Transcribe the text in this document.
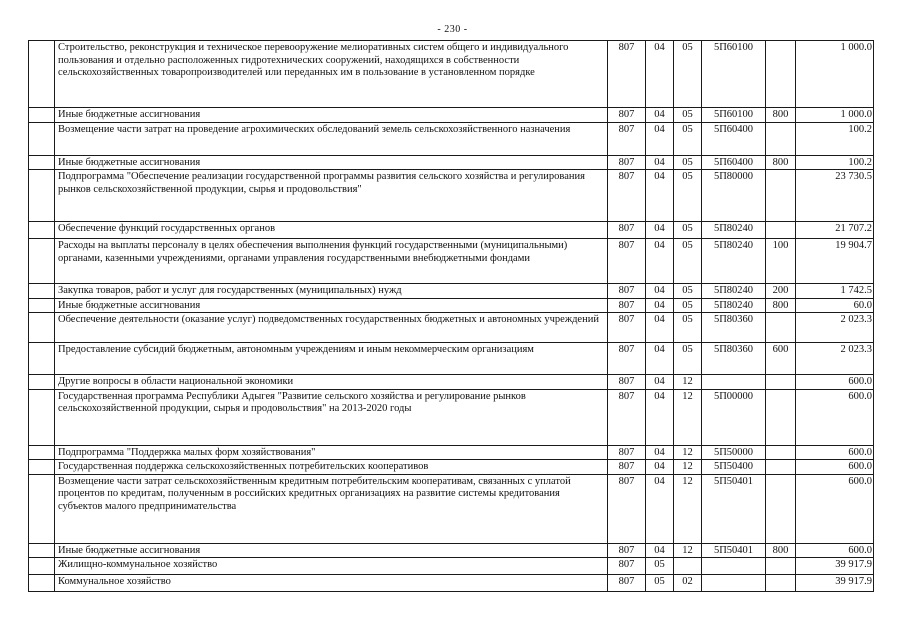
- 230 -
	Строительство, реконструкция и техническое перевооружение мелиоративных систем общего и индивидуального пользования и отдельно расположенных гидротехнических сооружений, находящихся в собственности сельскохозяйственных товаропроизводителей или переданных им в пользование в установленном порядке	807	04	05	5П60100		1 000.0
	Иные бюджетные ассигнования	807	04	05	5П60100	800	1 000.0
	Возмещение части затрат на проведение агрохимических обследований земель сельскохозяйственного назначения	807	04	05	5П60400		100.2
	Иные бюджетные ассигнования	807	04	05	5П60400	800	100.2
	Подпрограмма "Обеспечение реализации государственной программы развития сельского хозяйства и регулирования рынков сельскохозяйственной продукции, сырья и продовольствия"	807	04	05	5П80000		23 730.5
	Обеспечение функций государственных органов	807	04	05	5П80240		21 707.2
	Расходы на выплаты персоналу в целях обеспечения выполнения функций государственными (муниципальными) органами, казенными учреждениями, органами управления государственными внебюджетными фондами	807	04	05	5П80240	100	19 904.7
	Закупка товаров, работ и услуг для государственных (муниципальных) нужд	807	04	05	5П80240	200	1 742.5
	Иные бюджетные ассигнования	807	04	05	5П80240	800	60.0
	Обеспечение деятельности (оказание услуг) подведомственных государственных бюджетных и автономных учреждений	807	04	05	5П80360		2 023.3
	Предоставление субсидий бюджетным, автономным учреждениям и иным некоммерческим организациям	807	04	05	5П80360	600	2 023.3
	Другие вопросы в области национальной экономики	807	04	12			600.0
	Государственная программа Республики Адыгея "Развитие сельского хозяйства и регулирование рынков сельскохозяйственной продукции, сырья и продовольствия" на 2013-2020 годы	807	04	12	5П00000		600.0
	Подпрограмма "Поддержка малых форм хозяйствования"	807	04	12	5П50000		600.0
	Государственная поддержка сельскохозяйственных потребительских кооперативов	807	04	12	5П50400		600.0
	Возмещение части затрат сельскохозяйственным кредитным потребительским кооперативам, связанных с уплатой процентов по кредитам, полученным в российских кредитных организациях на развитие системы кредитования субъектов малого предпринимательства	807	04	12	5П50401		600.0
	Иные бюджетные ассигнования	807	04	12	5П50401	800	600.0
	Жилищно-коммунальное хозяйство	807	05				39 917.9
	Коммунальное хозяйство	807	05	02			39 917.9
